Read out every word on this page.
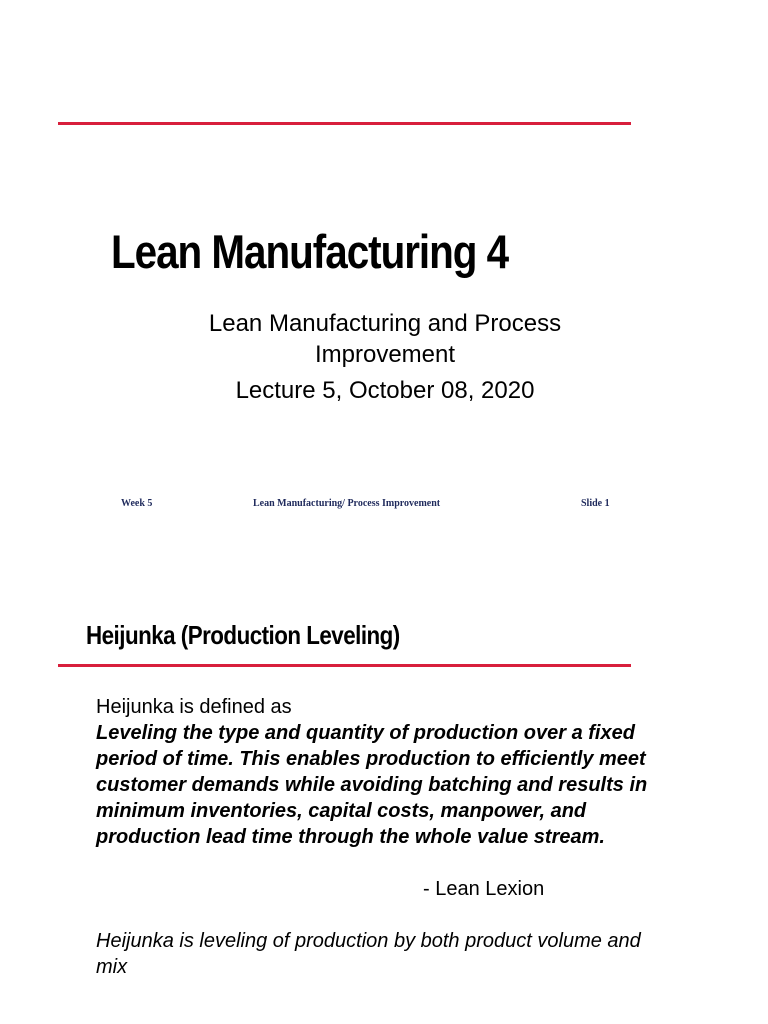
Lean Manufacturing 4
Lean Manufacturing and Process
Improvement
Lecture 5, October 08, 2020
Week 5	Lean Manufacturing/ Process Improvement	Slide 1
Heijunka (Production Leveling)
Heijunka is defined as
Leveling the type and quantity of production over a fixed period of time. This enables production to efficiently meet customer demands while avoiding batching and results in minimum inventories, capital costs, manpower, and production lead time through the whole value stream.
- Lean Lexion
Heijunka is leveling of production by both product volume and mix
